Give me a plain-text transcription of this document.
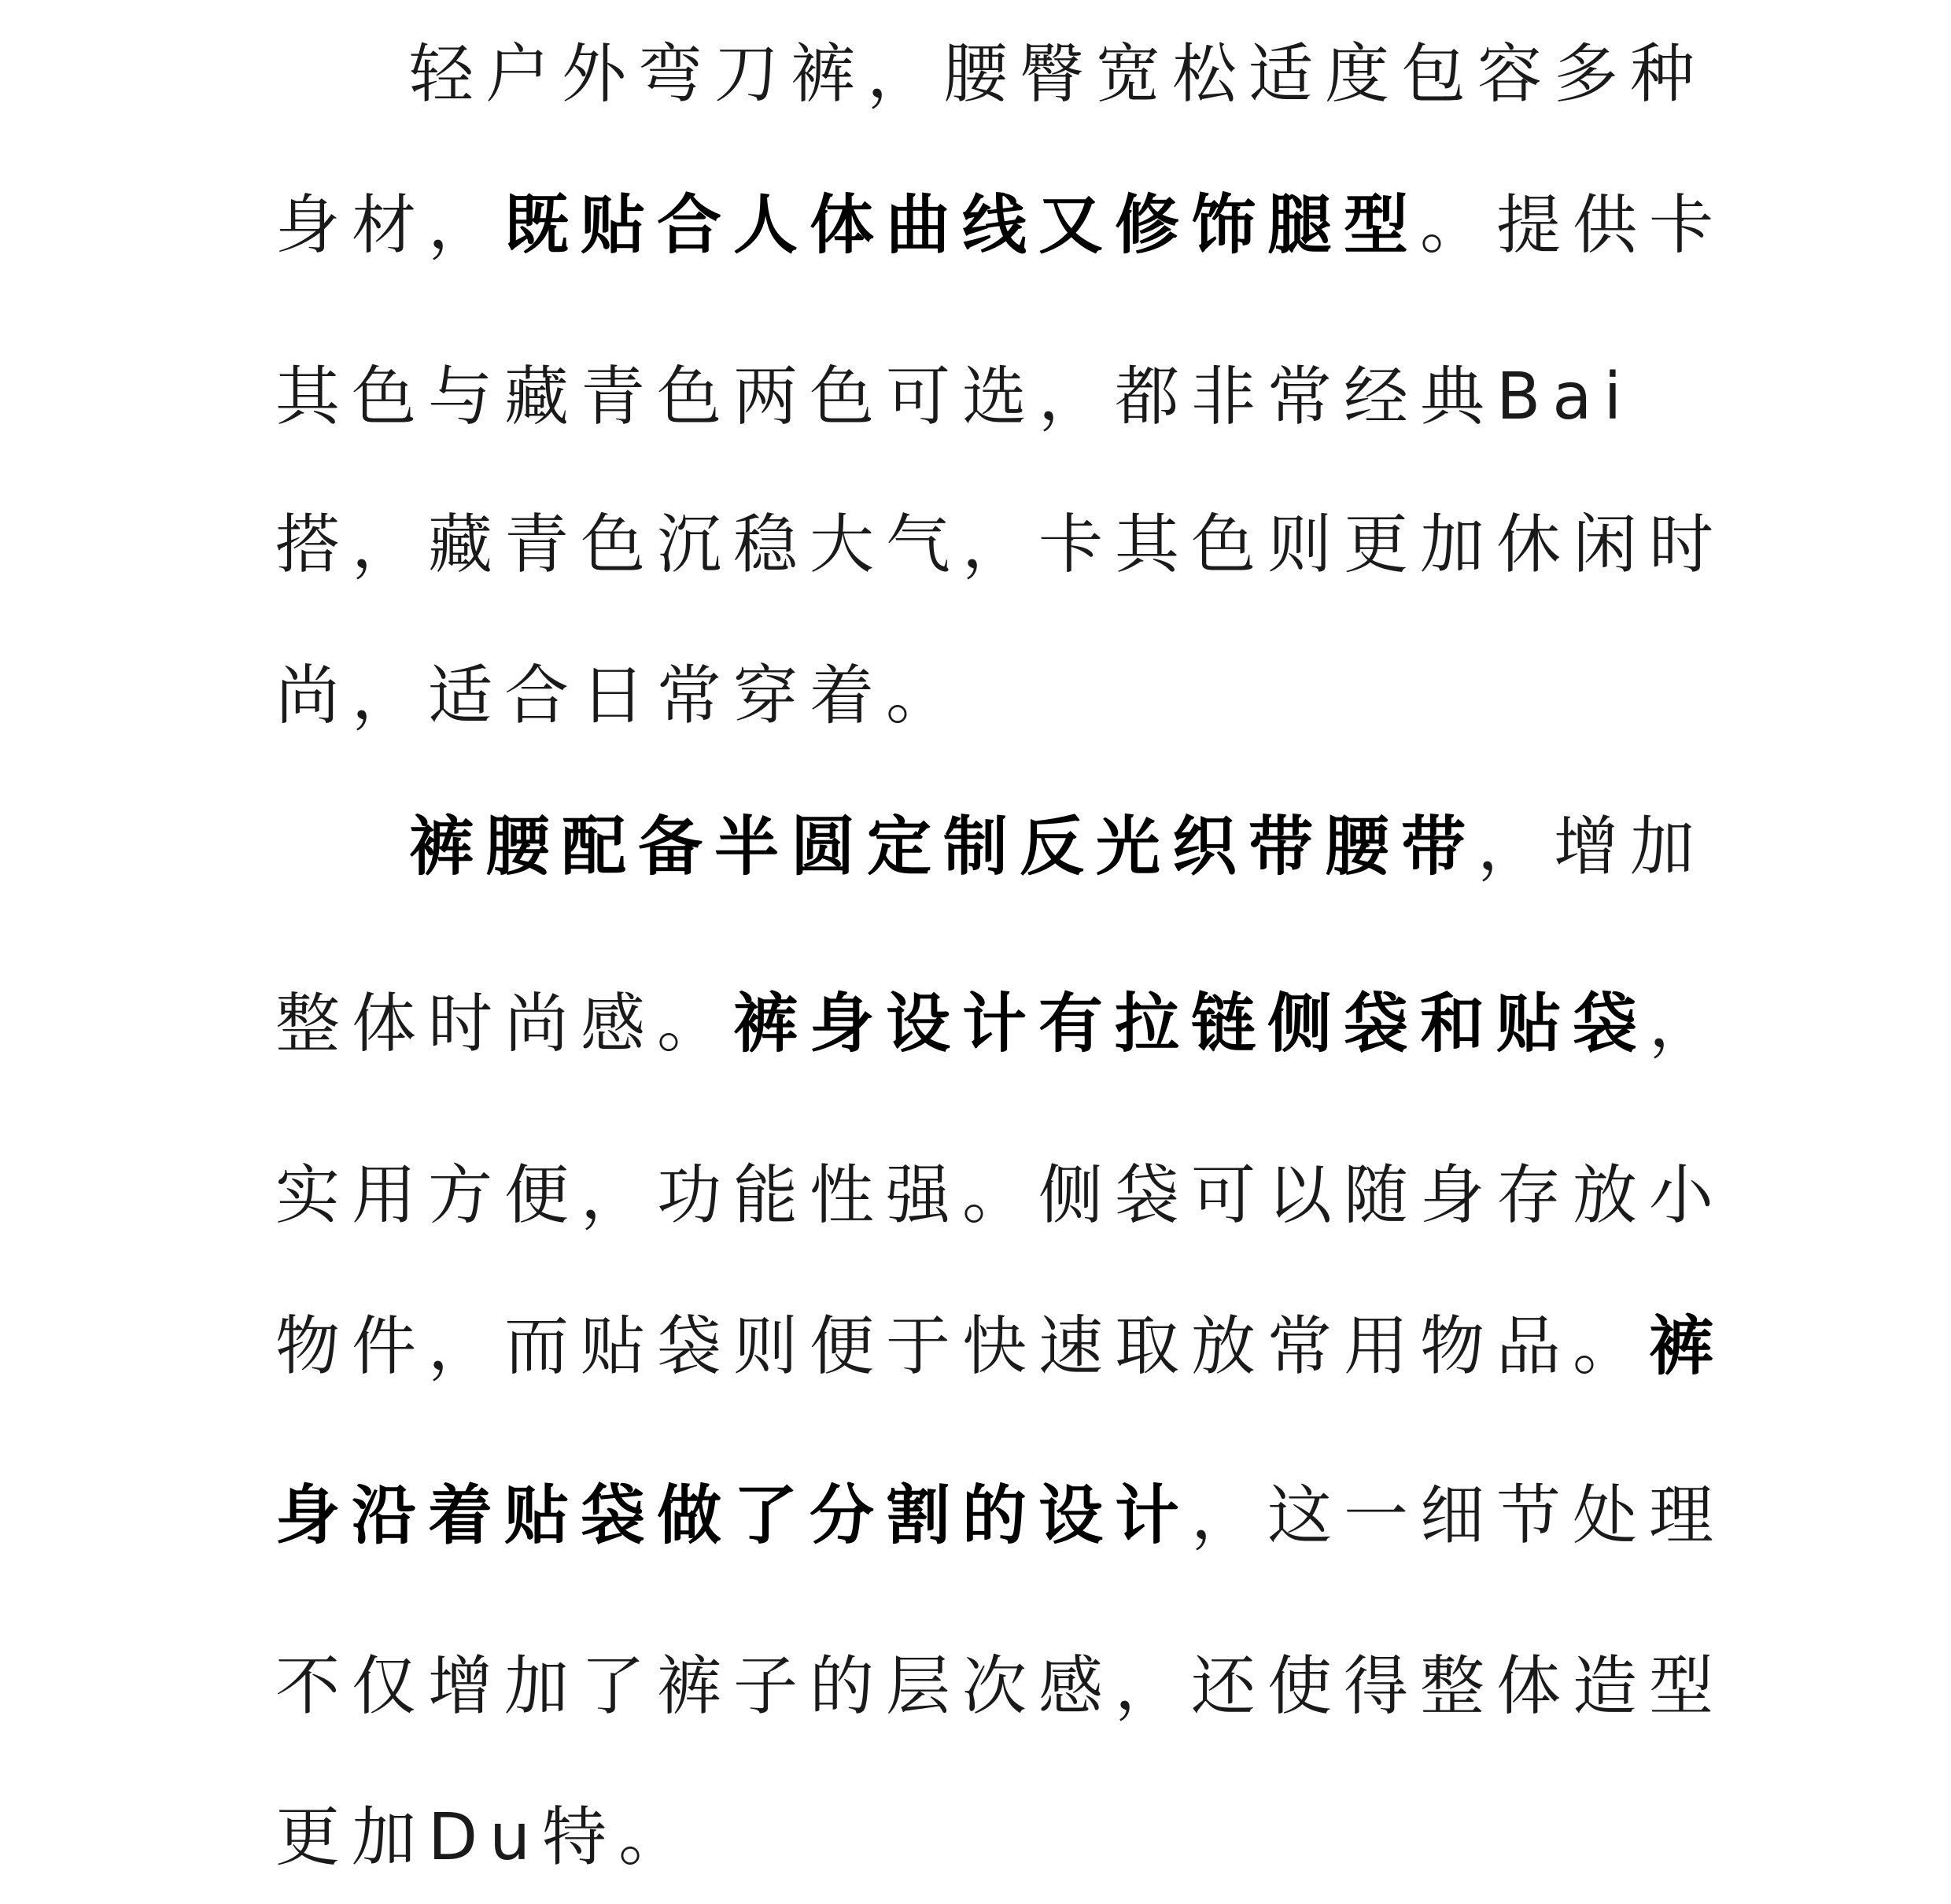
轻户外弯刀裤，腰臀宽松适度包容多种

身材，既贴合人体曲线又修饰腿型。提供卡

其色与藏青色两色可选，都非常经典Bai

搭，藏青色沉稳大气，卡其色则更加休闲时

尚，适合日常穿着。

裤腰配备半圆定制反光织带腰带，增加

整体时尚感。裤身设计有拉链侧袋和贴袋，

实用方便，功能性强。侧袋可以随身存放小

物件，而贴袋则便于快速取放常用物品。裤

身沿着贴袋做了分割的设计，这一细节处理

不仅增加了裤子的层次感，还使得整体造型

更加Du特。
